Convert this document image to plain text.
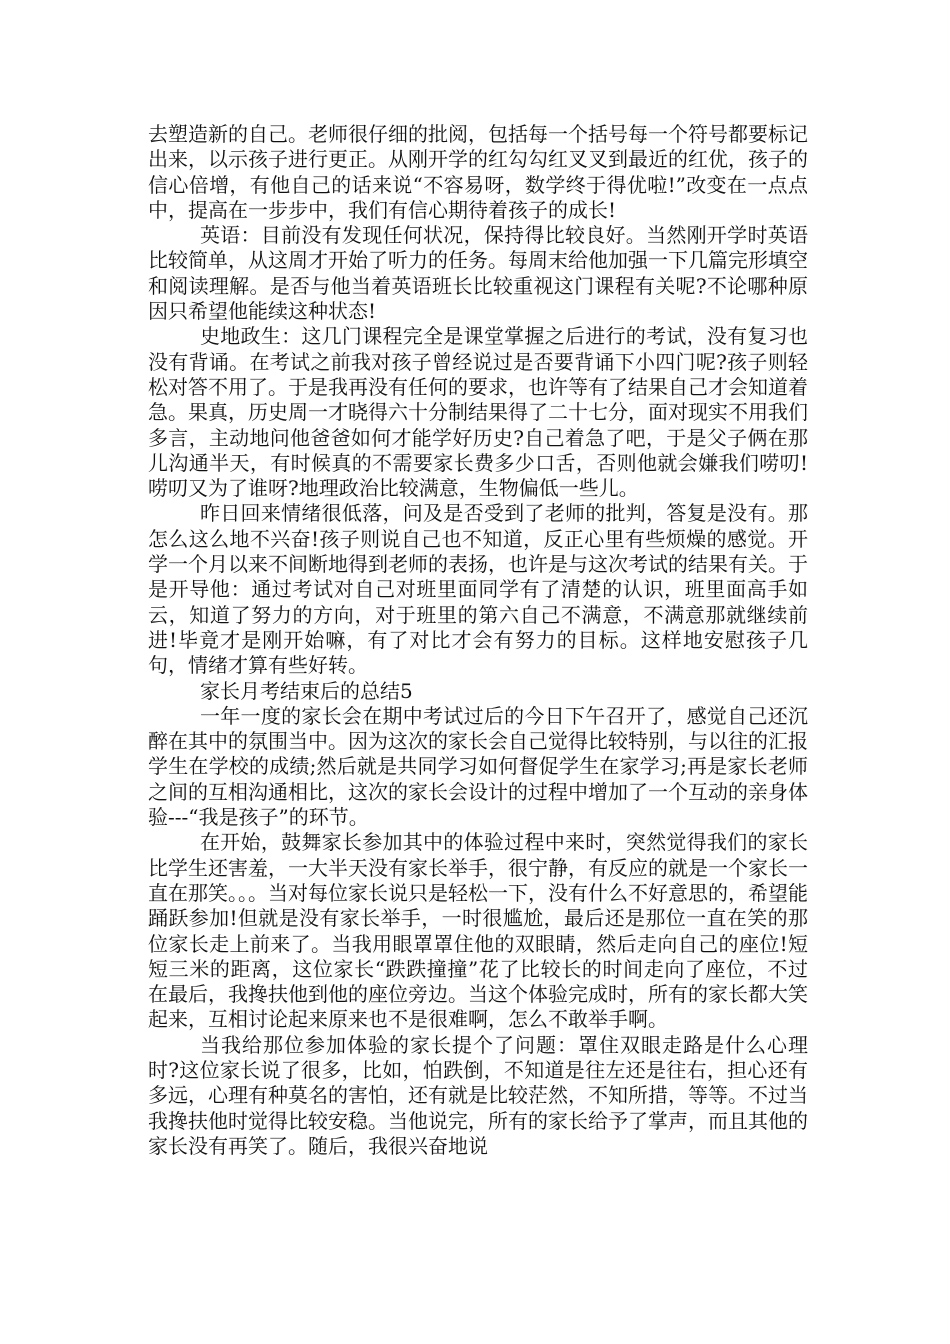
去塑造新的自己。老师很仔细的批阅，包括每一个括号每一个符号都要标记出来，以示孩子进行更正。从刚开学的红勾勾红叉叉到最近的红优，孩子的信心倍增，有他自己的话来说“不容易呀，数学终于得优啦!”改变在一点点中，提高在一步步中，我们有信心期待着孩子的成长!

英语：目前没有发现任何状况，保持得比较良好。当然刚开学时英语比较简单，从这周才开始了听力的任务。每周末给他加强一下几篇完形填空和阅读理解。是否与他当着英语班长比较重视这门课程有关呢?不论哪种原因只希望他能续这种状态!

史地政生：这几门课程完全是课堂掌握之后进行的考试，没有复习也没有背诵。在考试之前我对孩子曾经说过是否要背诵下小四门呢?孩子则轻松对答不用了。于是我再没有任何的要求，也许等有了结果自己才会知道着急。果真，历史周一才晓得六十分制结果得了二十七分，面对现实不用我们多言，主动地问他爸爸如何才能学好历史?自己着急了吧，于是父子俩在那儿沟通半天，有时候真的不需要家长费多少口舌，否则他就会嫌我们唠叨!唠叨又为了谁呀?地理政治比较满意，生物偏低一些儿。

昨日回来情绪很低落，问及是否受到了老师的批判，答复是没有。那怎么这么地不兴奋!孩子则说自己也不知道，反正心里有些烦燥的感觉。开学一个月以来不间断地得到老师的表扬，也许是与这次考试的结果有关。于是开导他：通过考试对自己对班里面同学有了清楚的认识，班里面高手如云，知道了努力的方向，对于班里的第六自己不满意，不满意那就继续前进!毕竟才是刚开始嘛，有了对比才会有努力的目标。这样地安慰孩子几句，情绪才算有些好转。

家长月考结束后的总结5

一年一度的家长会在期中考试过后的今日下午召开了，感觉自己还沉醉在其中的氛围当中。因为这次的家长会自己觉得比较特别，与以往的汇报学生在学校的成绩;然后就是共同学习如何督促学生在家学习;再是家长老师之间的互相沟通相比，这次的家长会设计的过程中增加了一个互动的亲身体验---“我是孩子”的环节。

在开始，鼓舞家长参加其中的体验过程中来时，突然觉得我们的家长比学生还害羞，一大半天没有家长举手，很宁静，有反应的就是一个家长一直在那笑。。。当对每位家长说只是轻松一下，没有什么不好意思的，希望能踊跃参加!但就是没有家长举手，一时很尴尬，最后还是那位一直在笑的那位家长走上前来了。当我用眼罩罩住他的双眼睛，然后走向自己的座位!短短三米的距离，这位家长“跌跌撞撞”花了比较长的时间走向了座位，不过在最后，我搀扶他到他的座位旁边。当这个体验完成时，所有的家长都大笑起来，互相讨论起来原来也不是很难啊，怎么不敢举手啊。

当我给那位参加体验的家长提个了问题：罩住双眼走路是什么心理时?这位家长说了很多，比如，怕跌倒，不知道是往左还是往右，担心还有多远，心理有种莫名的害怕，还有就是比较茫然，不知所措，等等。不过当我搀扶他时觉得比较安稳。当他说完，所有的家长给予了掌声，而且其他的家长没有再笑了。随后，我很兴奋地说
